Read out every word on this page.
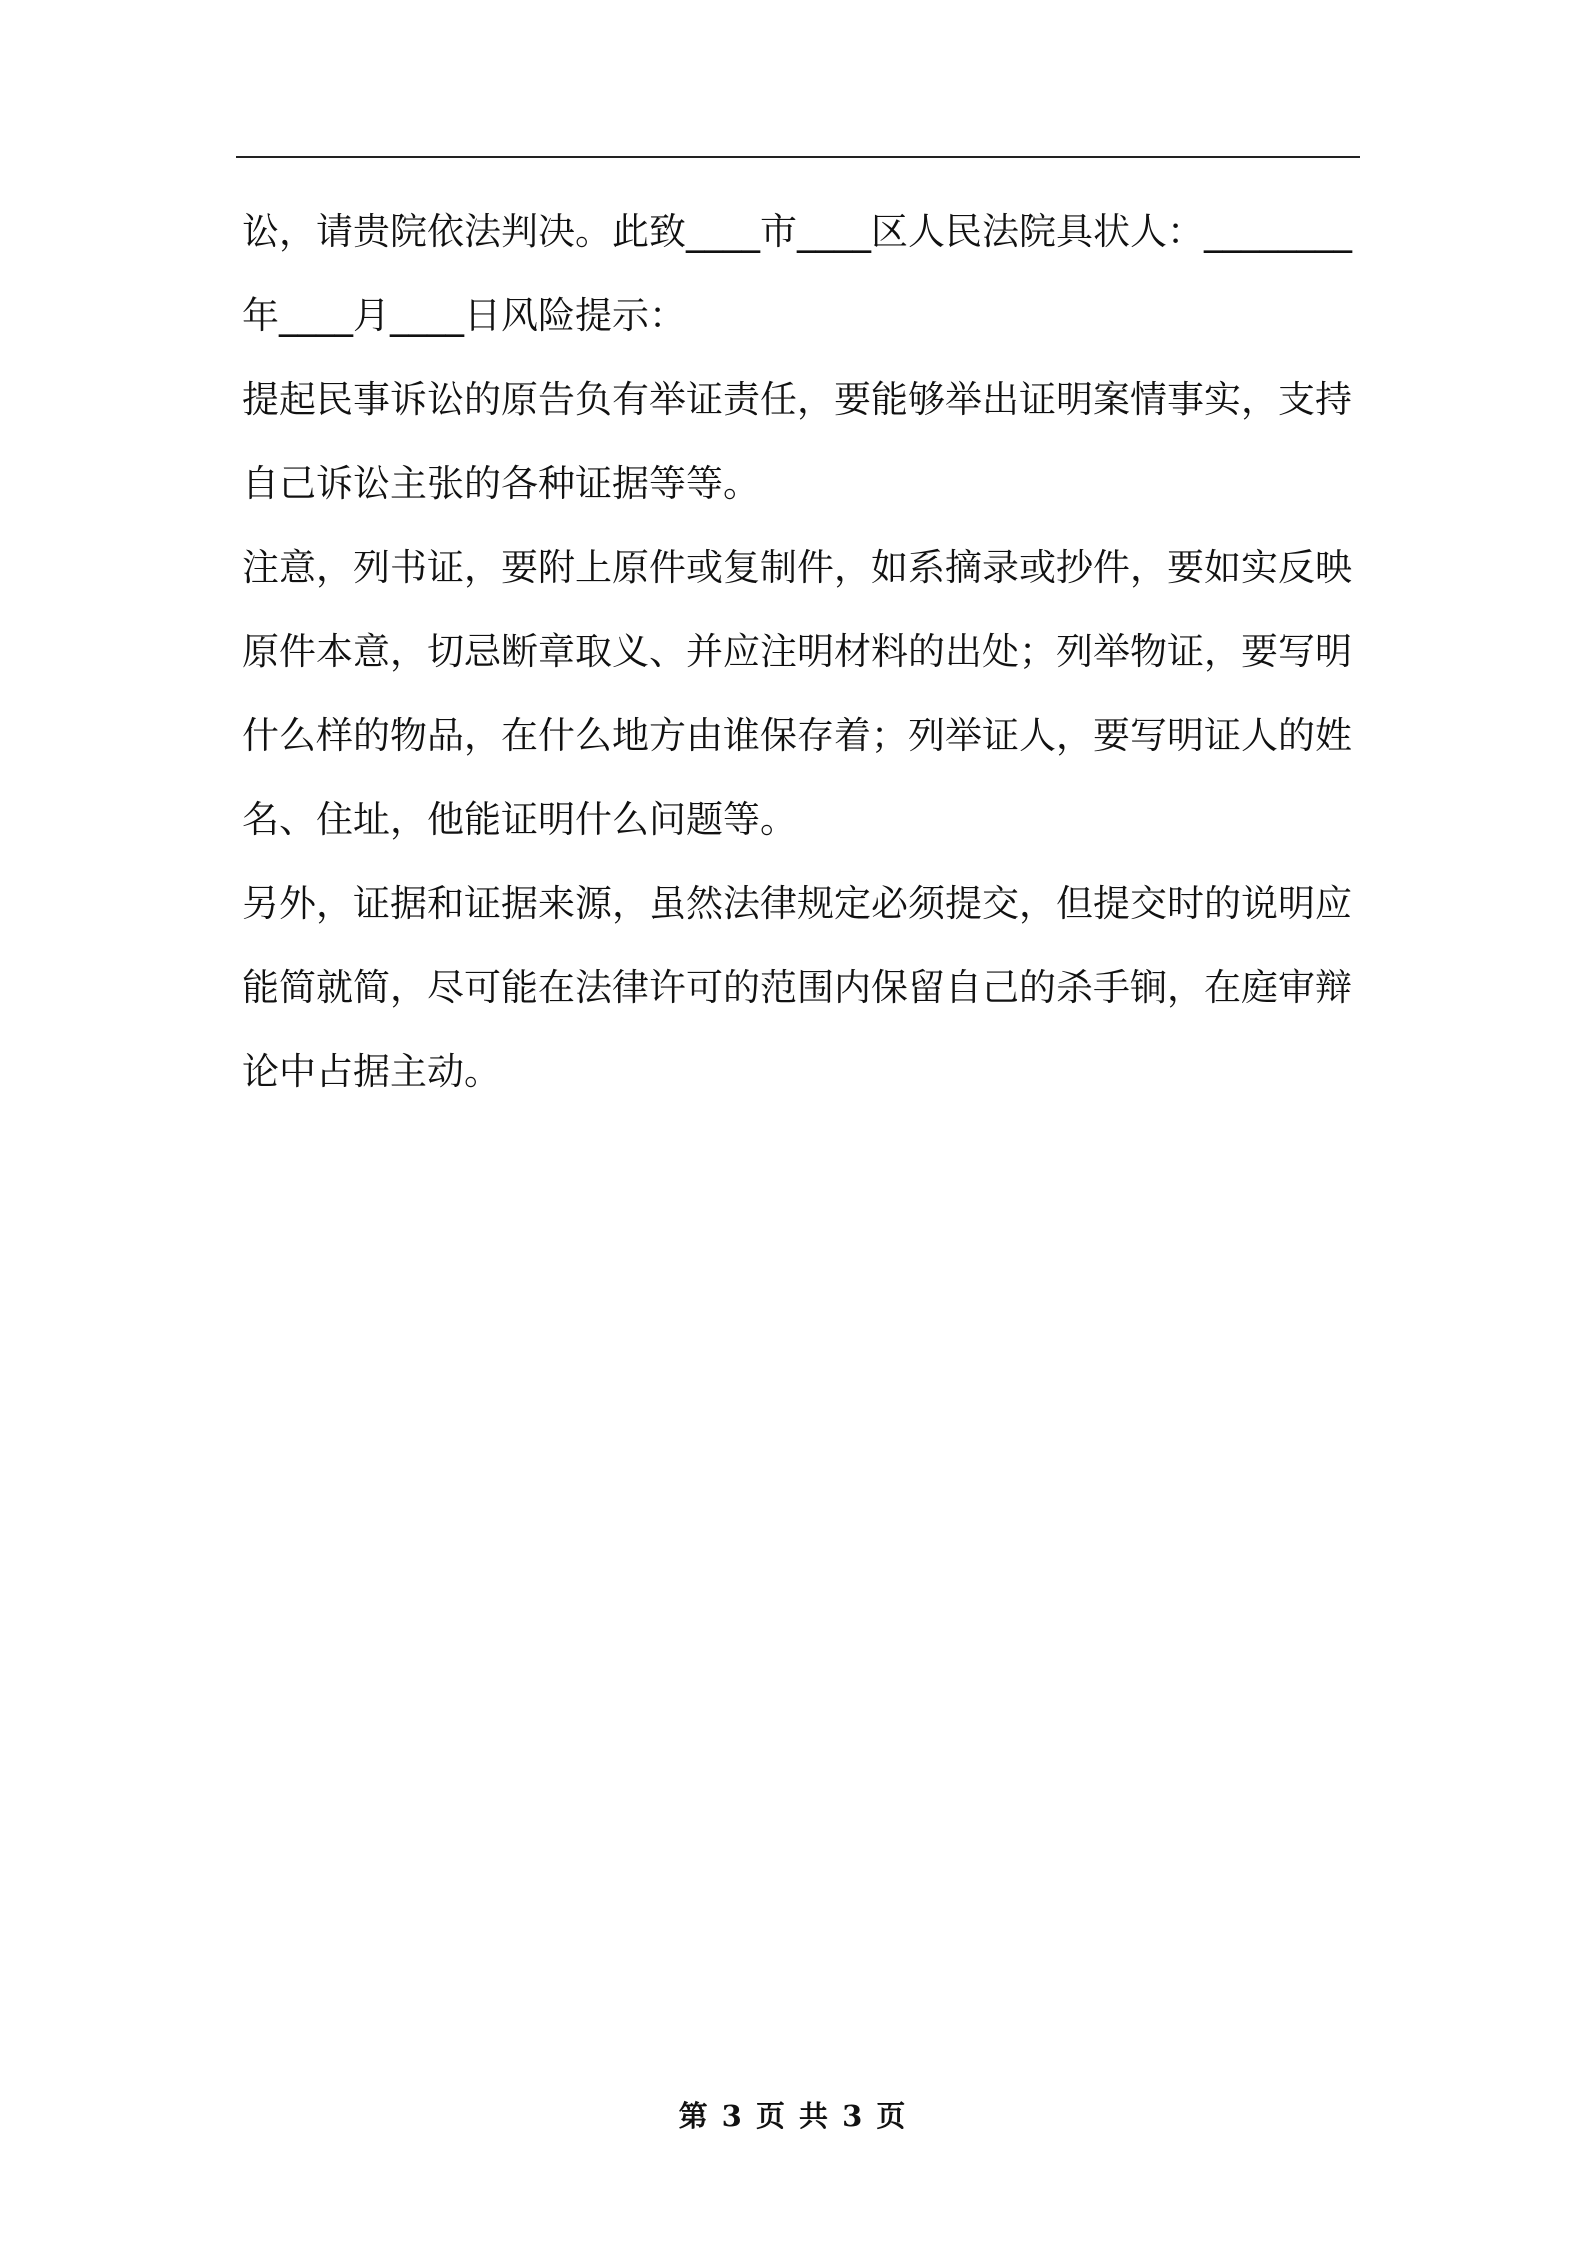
讼，请贵院依法判决。此致____市____区人民法院具状人：________
年____月____日风险提示：
提起民事诉讼的原告负有举证责任，要能够举出证明案情事实，支持
自己诉讼主张的各种证据等等。
注意，列书证，要附上原件或复制件，如系摘录或抄件，要如实反映
原件本意，切忌断章取义、并应注明材料的出处；列举物证，要写明
什么样的物品，在什么地方由谁保存着；列举证人，要写明证人的姓
名、住址，他能证明什么问题等。
另外，证据和证据来源，虽然法律规定必须提交，但提交时的说明应
能简就简，尽可能在法律许可的范围内保留自己的杀手锏，在庭审辩
论中占据主动。
第 3 页 共 3 页
